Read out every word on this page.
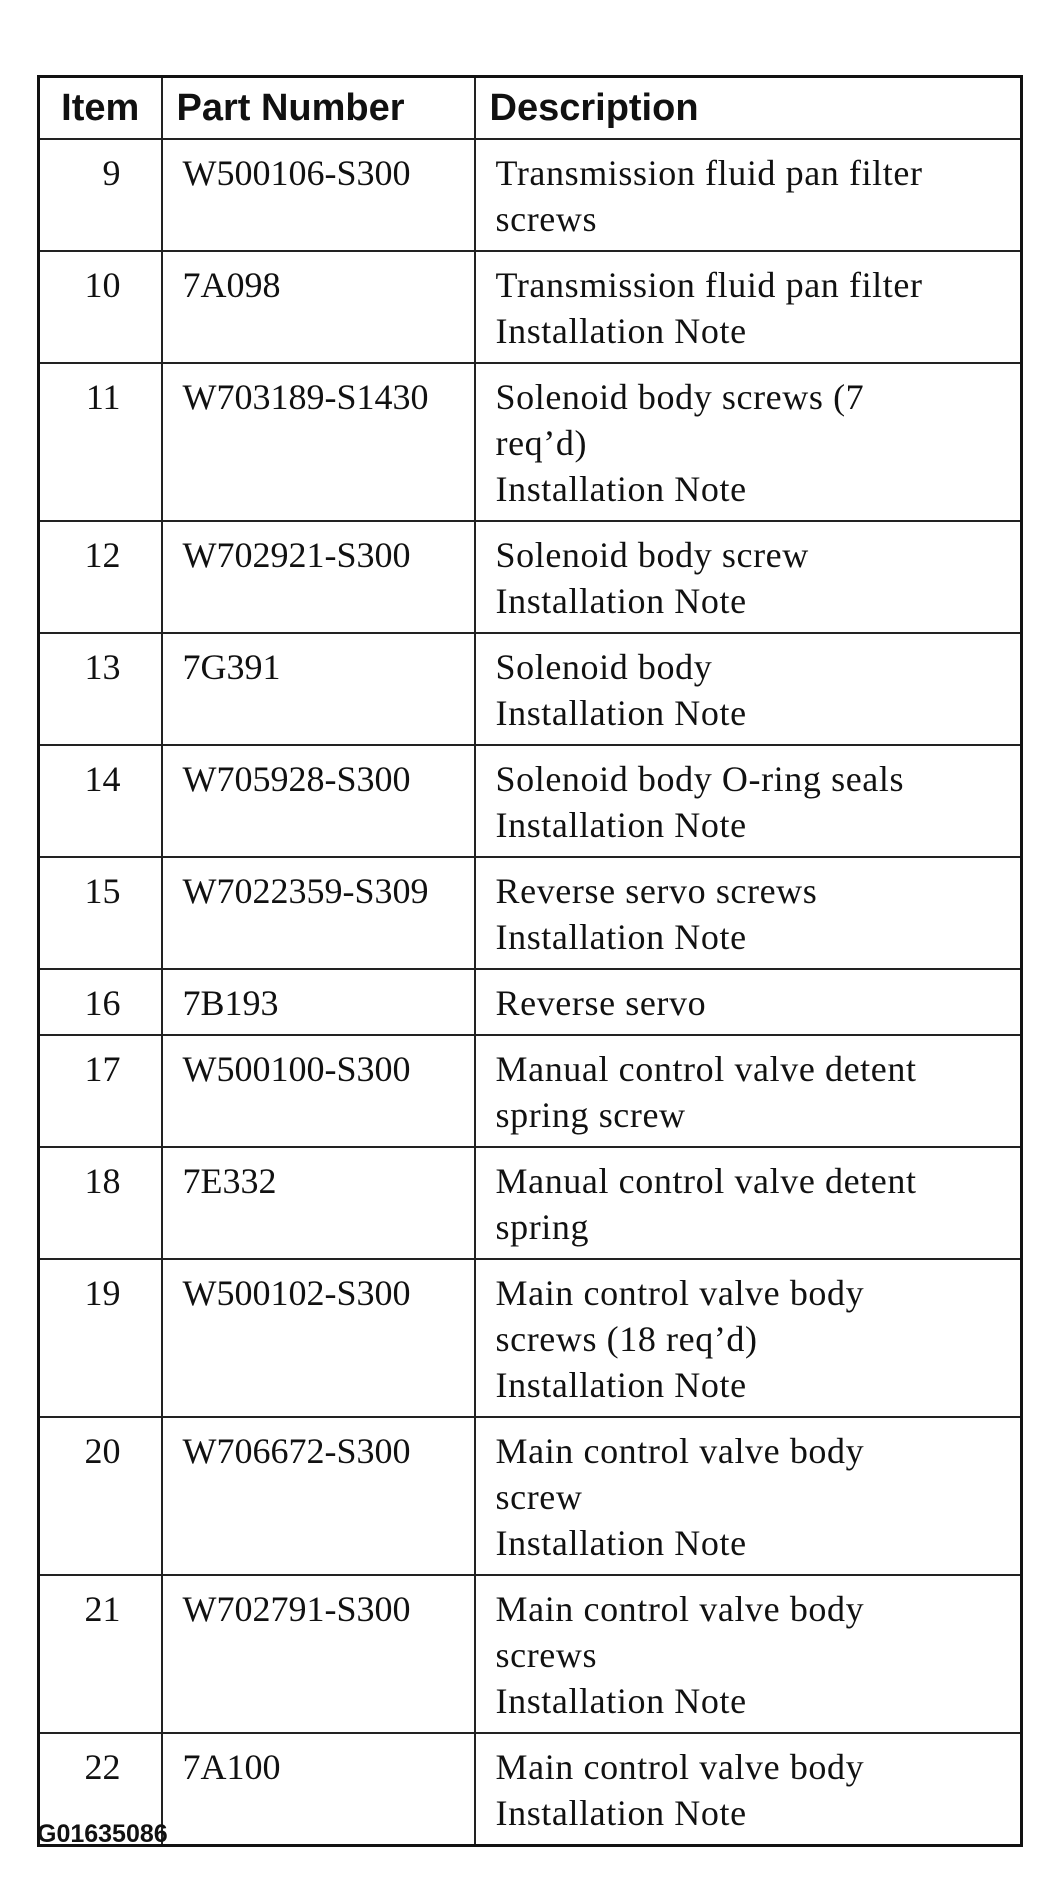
Item	Part Number	Description
9	W500106-S300	Transmission fluid pan filter
screws

10	7A098	Transmission fluid pan filter
Installation Note

11	W703189-S1430	Solenoid body screws (7
req’d)
Installation Note

12	W702921-S300	Solenoid body screw
Installation Note

13	7G391	Solenoid body
Installation Note

14	W705928-S300	Solenoid body O-ring seals
Installation Note

15	W7022359-S309	Reverse servo screws
Installation Note

16	7B193	Reverse servo

17	W500100-S300	Manual control valve detent
spring screw

18	7E332	Manual control valve detent
spring

19	W500102-S300	Main control valve body
screws (18 req’d)
Installation Note

20	W706672-S300	Main control valve body
screw
Installation Note

21	W702791-S300	Main control valve body
screws
Installation Note

22	7A100	Main control valve body
Installation Note
G01635086
